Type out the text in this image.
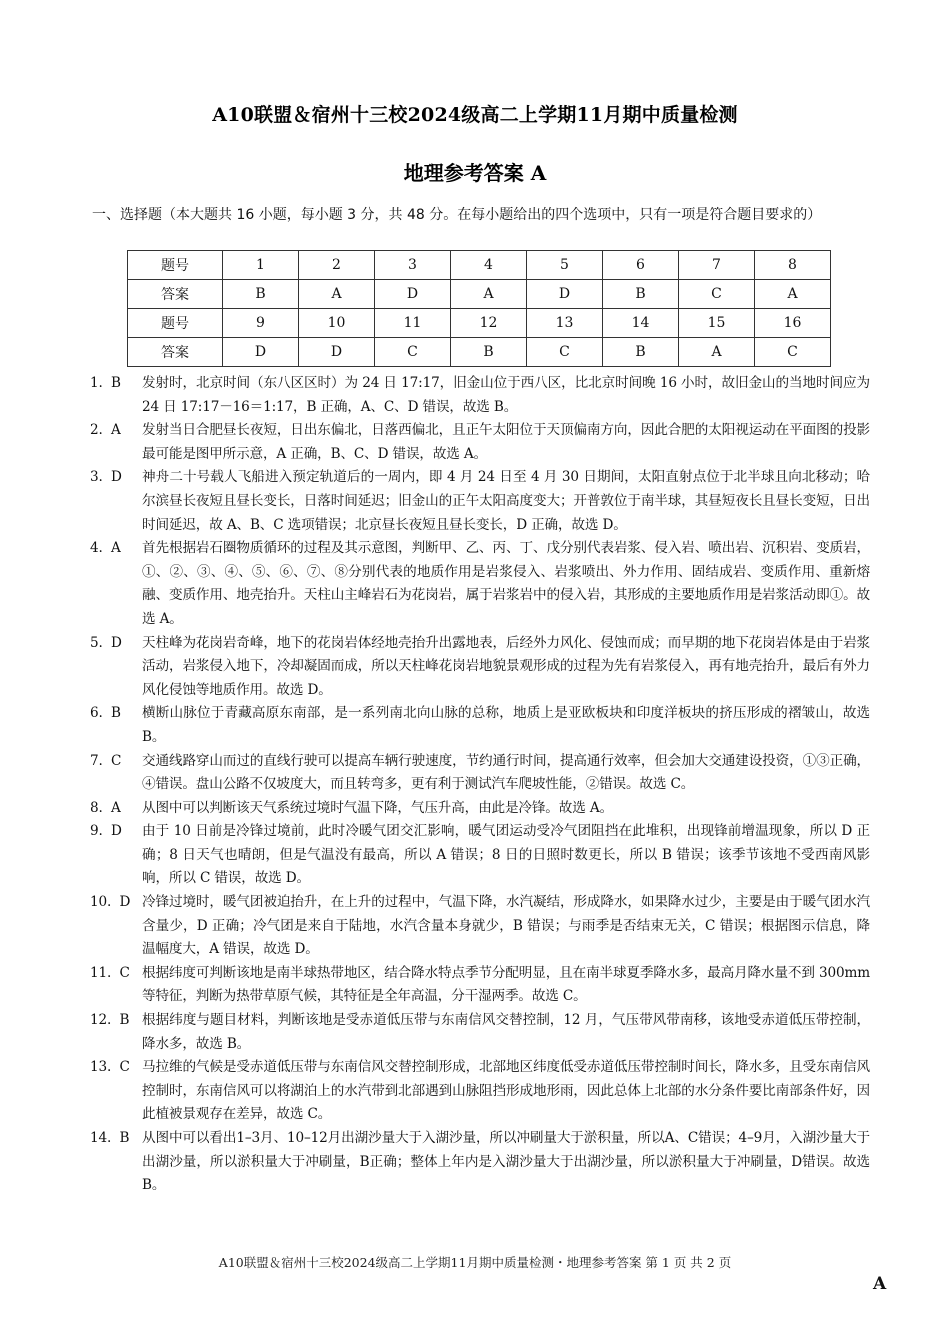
A10联盟＆宿州十三校2024级高二上学期11月期中质量检测
地理参考答案 A
一、选择题（本大题共 16 小题，每小题 3 分，共 48 分。在每小题给出的四个选项中，只有一项是符合题目要求的）
题号	1	2	3	4	5	6	7	8
答案	B	A	D	A	D	B	C	A
题号	9	10	11	12	13	14	15	16
答案	D	D	C	B	C	B	A	C
1.  B	发射时，北京时间（东八区区时）为 24 日 17:17，旧金山位于西八区，比北京时间晚 16 小时，故旧金山的当地时间应为 24 日 17:17－16＝1:17，B 正确，A、C、D 错误，故选 B。
2.  A	发射当日合肥昼长夜短，日出东偏北，日落西偏北，且正午太阳位于天顶偏南方向，因此合肥的太阳视运动在平面图的投影最可能是图甲所示意，A 正确，B、C、D 错误，故选 A。
3.  D	神舟二十号载人飞船进入预定轨道后的一周内，即 4 月 24 日至 4 月 30 日期间，太阳直射点位于北半球且向北移动；哈尔滨昼长夜短且昼长变长，日落时间延迟；旧金山的正午太阳高度变大；开普敦位于南半球，其昼短夜长且昼长变短，日出时间延迟，故 A、B、C 选项错误；北京昼长夜短且昼长变长，D 正确，故选 D。
4.  A	首先根据岩石圈物质循环的过程及其示意图，判断甲、乙、丙、丁、戊分别代表岩浆、侵入岩、喷出岩、沉积岩、变质岩，①、②、③、④、⑤、⑥、⑦、⑧分别代表的地质作用是岩浆侵入、岩浆喷出、外力作用、固结成岩、变质作用、重新熔融、变质作用、地壳抬升。天柱山主峰岩石为花岗岩，属于岩浆岩中的侵入岩，其形成的主要地质作用是岩浆活动即①。故选 A。
5.  D	天柱峰为花岗岩奇峰，地下的花岗岩体经地壳抬升出露地表，后经外力风化、侵蚀而成；而早期的地下花岗岩体是由于岩浆活动，岩浆侵入地下，冷却凝固而成，所以天柱峰花岗岩地貌景观形成的过程为先有岩浆侵入，再有地壳抬升，最后有外力风化侵蚀等地质作用。故选 D。
6.  B	横断山脉位于青藏高原东南部，是一系列南北向山脉的总称，地质上是亚欧板块和印度洋板块的挤压形成的褶皱山，故选 B。
7.  C	交通线路穿山而过的直线行驶可以提高车辆行驶速度，节约通行时间，提高通行效率，但会加大交通建设投资，①③正确，④错误。盘山公路不仅坡度大，而且转弯多，更有利于测试汽车爬坡性能，②错误。故选 C。
8.  A	从图中可以判断该天气系统过境时气温下降，气压升高，由此是冷锋。故选 A。
9.  D	由于 10 日前是冷锋过境前，此时冷暖气团交汇影响，暖气团运动受冷气团阻挡在此堆积，出现锋前增温现象，所以 D 正确；8 日天气也晴朗，但是气温没有最高，所以 A 错误；8 日的日照时数更长，所以 B 错误；该季节该地不受西南风影响，所以 C 错误，故选 D。
10.  D 冷锋过境时，暖气团被迫抬升，在上升的过程中，气温下降，水汽凝结，形成降水，如果降水过少，主要是由于暖气团水汽含量少，D 正确；冷气团是来自于陆地，水汽含量本身就少，B 错误；与雨季是否结束无关，C 错误；根据图示信息，降温幅度大，A 错误，故选 D。
11.  C 根据纬度可判断该地是南半球热带地区，结合降水特点季节分配明显，且在南半球夏季降水多，最高月降水量不到 300mm 等特征，判断为热带草原气候，其特征是全年高温，分干湿两季。故选 C。
12.  B 根据纬度与题目材料，判断该地是受赤道低压带与东南信风交替控制，12 月，气压带风带南移，该地受赤道低压带控制，降水多，故选 B。
13.  C 马拉维的气候是受赤道低压带与东南信风交替控制形成，北部地区纬度低受赤道低压带控制时间长，降水多，且受东南信风控制时，东南信风可以将湖泊上的水汽带到北部遇到山脉阻挡形成地形雨，因此总体上北部的水分条件要比南部条件好，因此植被景观存在差异，故选 C。
14.  B 从图中可以看出1–3月、10–12月出湖沙量大于入湖沙量，所以冲刷量大于淤积量，所以A、C错误；4–9月，入湖沙量大于出湖沙量，所以淤积量大于冲刷量，B正确；整体上年内是入湖沙量大于出湖沙量，所以淤积量大于冲刷量，D错误。故选B。
A10联盟＆宿州十三校2024级高二上学期11月期中质量检测・地理参考答案 第 1 页 共 2 页
A
